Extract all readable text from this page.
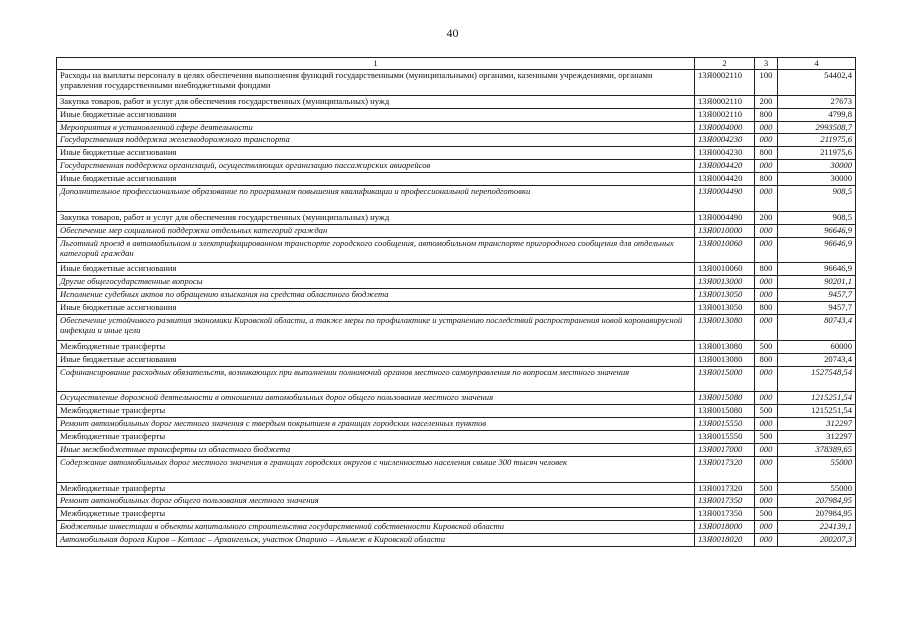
40
1	2	3	4
Расходы на выплаты персоналу в целях обеспечения выполнения функций государственными (муниципальными) органами, казенными учреждениями, органами управления государственными внебюджетными фондами	13Я0002110	100	54402,4
Закупка товаров, работ и услуг для обеспечения государственных (муниципальных) нужд	13Я0002110	200	27673
Иные бюджетные ассигнования	13Я0002110	800	4799,8
Мероприятия в установленной сфере деятельности	13Я0004000	000	2993508,7
Государственная поддержка железнодорожного транспорта	13Я0004230	000	211975,6
Иные бюджетные ассигнования	13Я0004230	800	211975,6
Государственная поддержка организаций, осуществляющих организацию пассажирских авиарейсов	13Я0004420	000	30000
Иные бюджетные ассигнования	13Я0004420	800	30000
Дополнительное профессиональное образование по программам повышения квалификации и профессиональной переподготовки	13Я0004490	000	908,5
Закупка товаров, работ и услуг для обеспечения государственных (муниципальных) нужд	13Я0004490	200	908,5
Обеспечение мер социальной поддержки отдельных категорий граждан	13Я0010000	000	96646,9
Льготный проезд в автомобильном и электрифицированном транспорте городского сообщения, автомобильном транспорте пригородного сообщения для отдельных категорий граждан	13Я0010060	000	96646,9
Иные бюджетные ассигнования	13Я0010060	800	96646,9
Другие общегосударственные вопросы	13Я0013000	000	90201,1
Исполнение судебных актов по обращению взыскания на средства областного бюджета	13Я0013050	000	9457,7
Иные бюджетные ассигнования	13Я0013050	800	9457,7
Обеспечение устойчивого развития экономики Кировской области, а также меры по профилактике и устранению последствий распространения новой коронавирусной инфекции и иные цели	13Я0013080	000	80743,4
Межбюджетные трансферты	13Я0013080	500	60000
Иные бюджетные ассигнования	13Я0013080	800	20743,4
Софинансирование расходных обязательств, возникающих при выполнении полномочий органов местного самоуправления по вопросам местного значения	13Я0015000	000	1527548,54
Осуществление дорожной деятельности в отношении автомобильных дорог общего пользования местного значения	13Я0015080	000	1215251,54
Межбюджетные трансферты	13Я0015080	500	1215251,54
Ремонт автомобильных дорог местного значения с твердым покрытием в границах городских населенных пунктов	13Я0015550	000	312297
Межбюджетные трансферты	13Я0015550	500	312297
Иные межбюджетные трансферты из областного бюджета	13Я0017000	000	378389,65
Содержание автомобильных дорог местного значения в границах городских округов с численностью населения свыше 300 тысяч человек	13Я0017320	000	55000
Межбюджетные трансферты	13Я0017320	500	55000
Ремонт автомобильных дорог общего пользования местного значения	13Я0017350	000	207984,95
Межбюджетные трансферты	13Я0017350	500	207984,95
Бюджетные инвестиции в объекты капитального строительства государственной собственности Кировской области	13Я0018000	000	224139,1
Автомобильная дорога Киров – Котлас – Архангельск, участок Опарино – Альмеж в Кировской области	13Я0018020	000	200207,3
